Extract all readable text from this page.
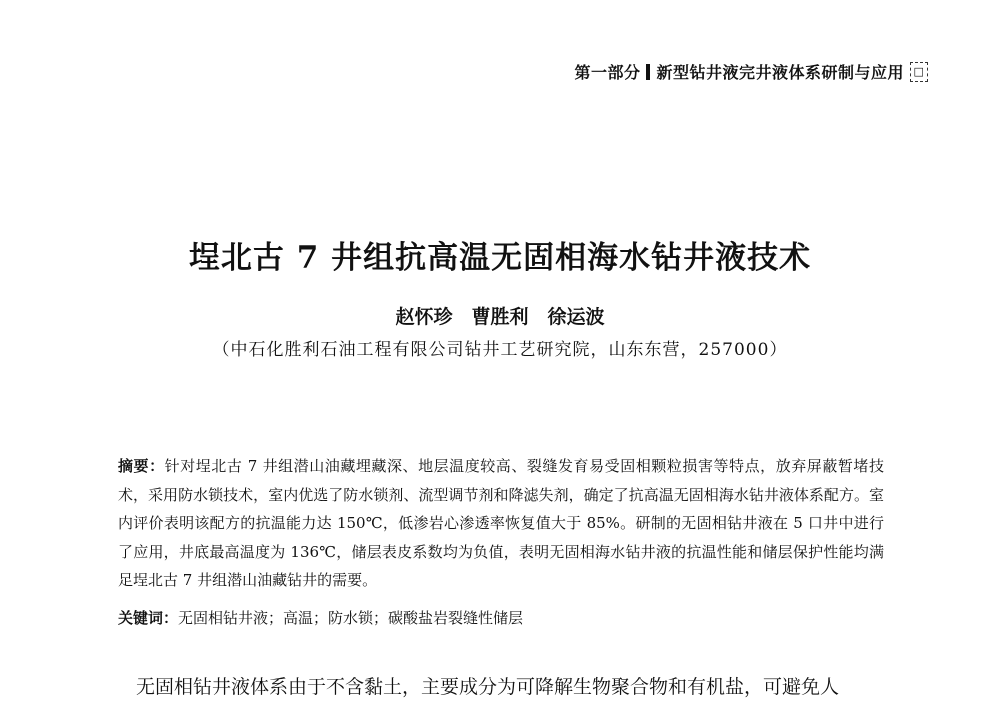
第一部分 新型钻井液完井液体系研制与应用 □
埕北古 7 井组抗高温无固相海水钻井液技术
赵怀珍　曹胜利　徐运波
（中石化胜利石油工程有限公司钻井工艺研究院，山东东营，257000）
摘要：针对埕北古 7 井组潜山油藏埋藏深、地层温度较高、裂缝发育易受固相颗粒损害等特点，放弃屏蔽暂堵技术，采用防水锁技术，室内优选了防水锁剂、流型调节剂和降滤失剂，确定了抗高温无固相海水钻井液体系配方。室内评价表明该配方的抗温能力达 150℃，低渗岩心渗透率恢复值大于 85%。研制的无固相钻井液在 5 口井中进行了应用，井底最高温度为 136℃，储层表皮系数均为负值，表明无固相海水钻井液的抗温性能和储层保护性能均满足埕北古 7 井组潜山油藏钻井的需要。
关键词：无固相钻井液；高温；防水锁；碳酸盐岩裂缝性储层
无固相钻井液体系由于不含黏土，主要成分为可降解生物聚合物和有机盐，可避免人
